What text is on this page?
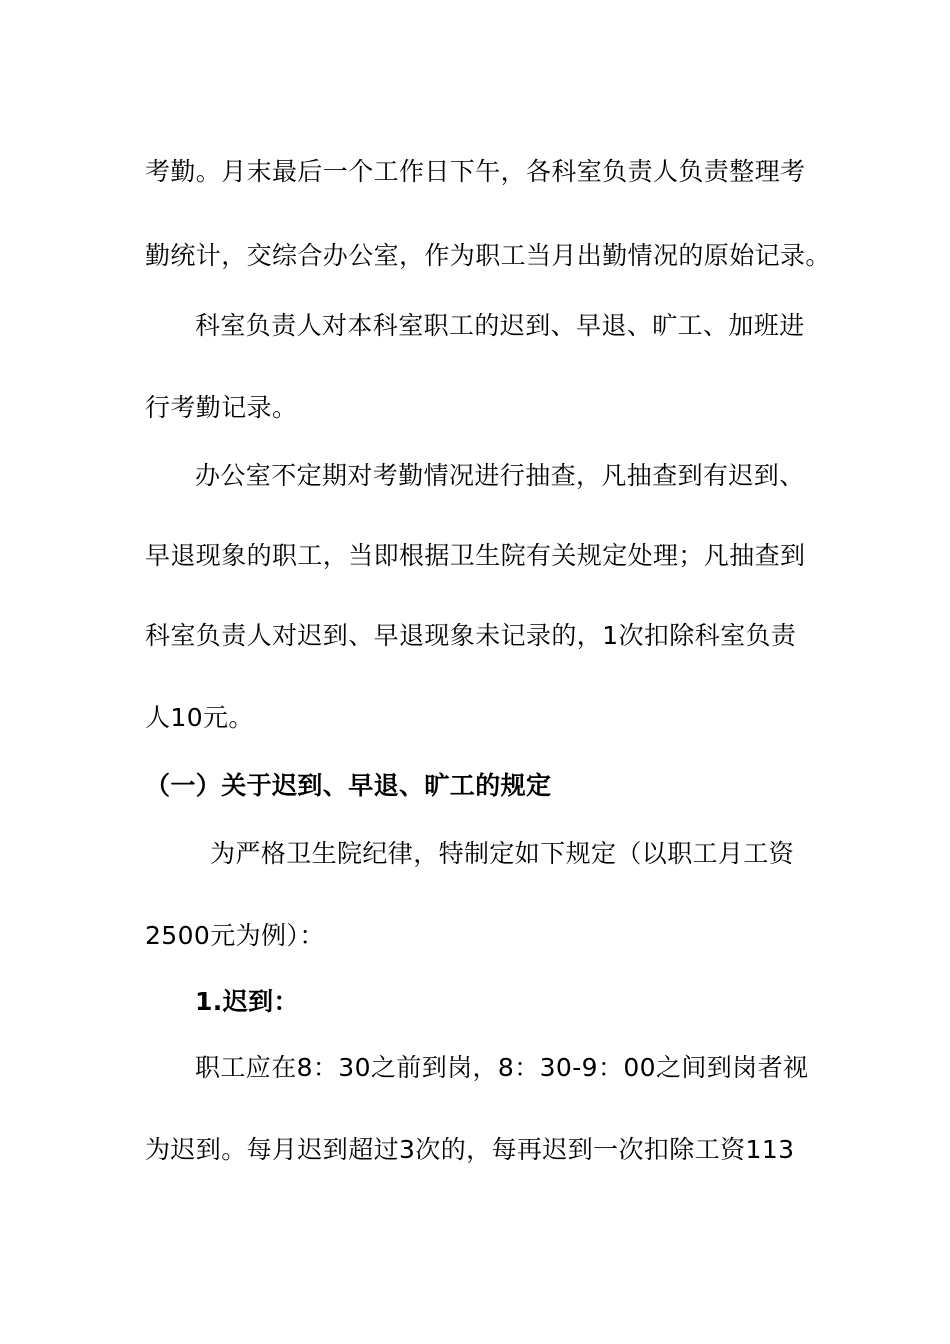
考勤。月末最后一个工作日下午，各科室负责人负责整理考
勤统计，交综合办公室，作为职工当月出勤情况的原始记录。
科室负责人对本科室职工的迟到、早退、旷工、加班进
行考勤记录。
办公室不定期对考勤情况进行抽查，凡抽查到有迟到、
早退现象的职工，当即根据卫生院有关规定处理；凡抽查到
科室负责人对迟到、早退现象未记录的，1次扣除科室负责
人10元。
（一）关于迟到、早退、旷工的规定
为严格卫生院纪律，特制定如下规定（以职工月工资
2500元为例）：
1.迟到：
职工应在8：30之前到岗，8：30-9：00之间到岗者视
为迟到。每月迟到超过3次的，每再迟到一次扣除工资113
